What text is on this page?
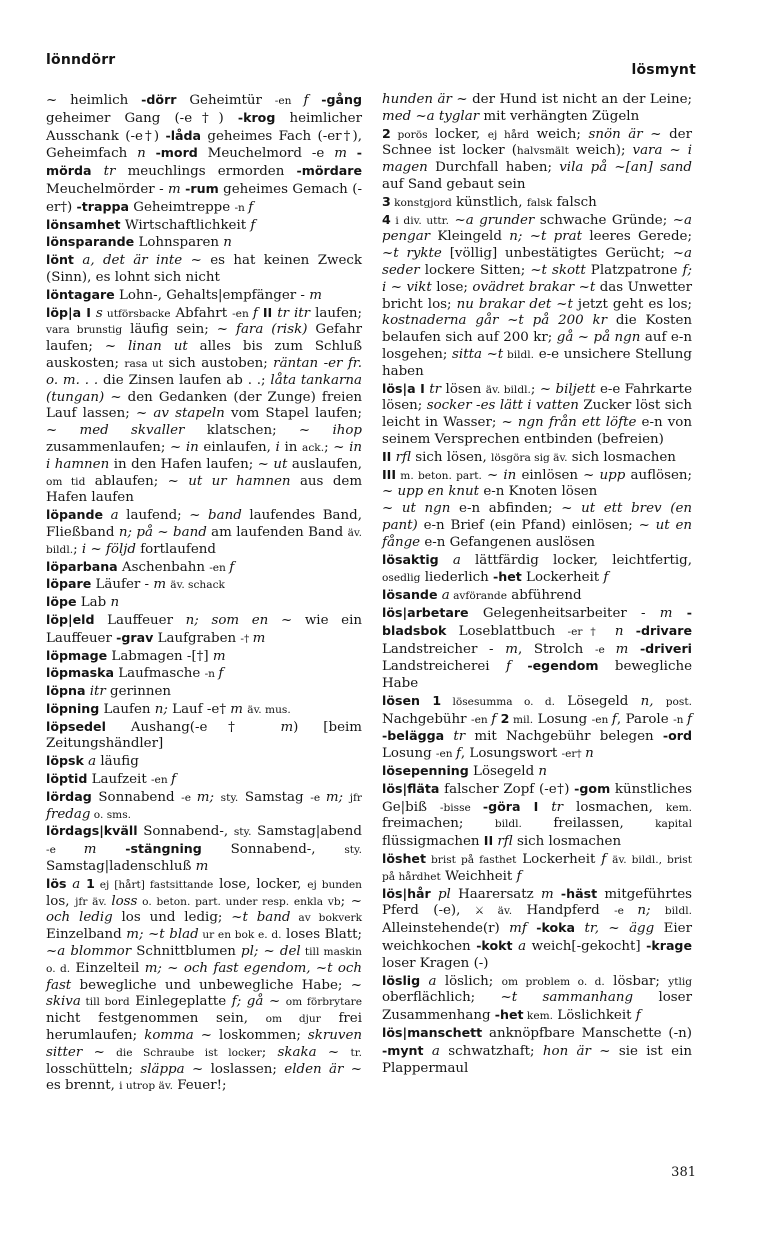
lönndörr
lösmynt

~ heimlich -dörr Geheimtür -en f -gång geheimer Gang (-e†) -krog heimlicher Ausschank (-e†) -låda geheimes Fach (-er†), Geheimfach n -mord Meuchelmord -e m -mörda tr meuchlings ermorden -mördare Meuchelmörder - m -rum geheimes Gemach (-er†) -trappa Geheimtreppe -n f

lönsamhet Wirtschaftlichkeit f

lönsparande Lohnsparen n

lönt a, det är inte ~ es hat keinen Zweck (Sinn), es lohnt sich nicht

löntagare Lohn-, Gehalts|empfänger - m

löp|a I s utförsbacke Abfahrt -en f II tr itr laufen; vara brunstig läufig sein; ~ fara (risk) Gefahr laufen; ~ linan ut alles bis zum Schluß auskosten; rasa ut sich austoben; räntan -er fr. o. m. . . die Zinsen laufen ab . .; låta tankarna (tungan) ~ den Gedanken (der Zunge) freien Lauf lassen; ~ av stapeln vom Stapel laufen; ~ med skvaller klatschen; ~ ihop zusammenlaufen; ~ in einlaufen, i in ack.; ~ in i hamnen in den Hafen laufen; ~ ut auslaufen, om tid ablaufen; ~ ut ur hamnen aus dem Hafen laufen

löpande a laufend; ~ band laufendes Band, Fließband n; på ~ band am laufenden Band äv. bildl.; i ~ följd fortlaufend

löparbana Aschenbahn -en f

löpare Läufer - m äv. schack

löpe Lab n

löp|eld Lauffeuer n; som en ~ wie ein Lauffeuer -grav Laufgraben -† m

löpmage Labmagen -[†] m

löpmaska Laufmasche -n f

löpna itr gerinnen

löpning Laufen n; Lauf -e† m äv. mus.

löpsedel Aushang(-e† m) [beim Zeitungshändler]

löpsk a läufig

löptid Laufzeit -en f

lördag Sonnabend -e m; sty. Samstag -e m; jfr fredag o. sms.

lördags|kväll Sonnabend-, sty. Samstag|abend -e m -stängning Sonnabend-, sty. Samstag|ladenschluß m

lös a 1 ej [hårt] fastsittande lose, locker, ej bunden los, jfr äv. loss o. beton. part. under resp. enkla vb; ~ och ledig los und ledig; ~t band av bokverk Einzelband m; ~t blad ur en bok e. d. loses Blatt; ~a blommor Schnittblumen pl; ~ del till maskin o. d. Einzelteil m; ~ och fast egendom, ~t och fast bewegliche und unbewegliche Habe; ~ skiva till bord Einlegeplatte f; gå ~ om förbrytare nicht festgenommen sein, om djur frei herumlaufen; komma ~ loskommen; skruven sitter ~ die Schraube ist locker; skaka ~ tr. losschütteln; släppa ~ loslassen; elden är ~ es brennt, i utrop äv. Feuer!;

hunden är ~ der Hund ist nicht an der Leine; med ~a tyglar mit verhängten Zügeln

2 porös locker, ej hård weich; snön är ~ der Schnee ist locker (halvsmält weich); vara ~ i magen Durchfall haben; vila på ~[an] sand auf Sand gebaut sein

3 konstgjord künstlich, falsk falsch

4 i div. uttr. ~a grunder schwache Gründe; ~a pengar Kleingeld n; ~t prat leeres Gerede; ~t rykte [völlig] unbestätigtes Gerücht; ~a seder lockere Sitten; ~t skott Platzpatrone f; i ~ vikt lose; ovädret brakar ~t das Unwetter bricht los; nu brakar det ~t jetzt geht es los; kostnaderna går ~t på 200 kr die Kosten belaufen sich auf 200 kr; gå ~ på ngn auf e-n losgehen; sitta ~t bildl. e-e unsichere Stellung haben

lös|a I tr lösen äv. bildl.; ~ biljett e-e Fahrkarte lösen; socker -es lätt i vatten Zucker löst sich leicht in Wasser; ~ ngn från ett löfte e-n von seinem Versprechen entbinden (befreien)

II rfl sich lösen, lösgöra sig äv. sich losmachen

III m. beton. part. ~ in einlösen ~ upp auflösen; ~ upp en knut e-n Knoten lösen

~ ut ngn e-n abfinden; ~ ut ett brev (en pant) e-n Brief (ein Pfand) einlösen; ~ ut en fånge e-n Gefangenen auslösen

lösaktig a lättfärdig locker, leichtfertig, osedlig liederlich -het Lockerheit f

lösande a avförande abführend

lös|arbetare Gelegenheitsarbeiter - m -bladsbok Loseblattbuch -er† n -drivare Landstreicher - m, Strolch -e m -driveri Landstreicherei f -egendom bewegliche Habe

lösen 1 lösesumma o. d. Lösegeld n, post. Nachgebühr -en f 2 mil. Losung -en f, Parole -n f -belägga tr mit Nachgebühr belegen -ord Losung -en f, Losungswort -er† n

lösepenning Lösegeld n

lös|fläta falscher Zopf (-e†) -gom künstliches Ge|biß -bisse -göra I tr losmachen, kem. freimachen; bildl. freilassen, kapital flüssigmachen II rfl sich losmachen

löshet brist på fasthet Lockerheit f äv. bildl., brist på hårdhet Weichheit f

lös|hår pl Haarersatz m -häst mitgeführtes Pferd (-e), ⚔ äv. Handpferd -e n; bildl. Alleinstehende(r) mf -koka tr, ~ ägg Eier weichkochen -kokt a weich[-gekocht] -krage loser Kragen (-)

löslig a löslich; om problem o. d. lösbar; ytlig oberflächlich; ~t sammanhang loser Zusammenhang -het kem. Löslichkeit f

lös|manschett anknöpfbare Manschette (-n) -mynt a schwatzhaft; hon är ~ sie ist ein Plappermaul

381
